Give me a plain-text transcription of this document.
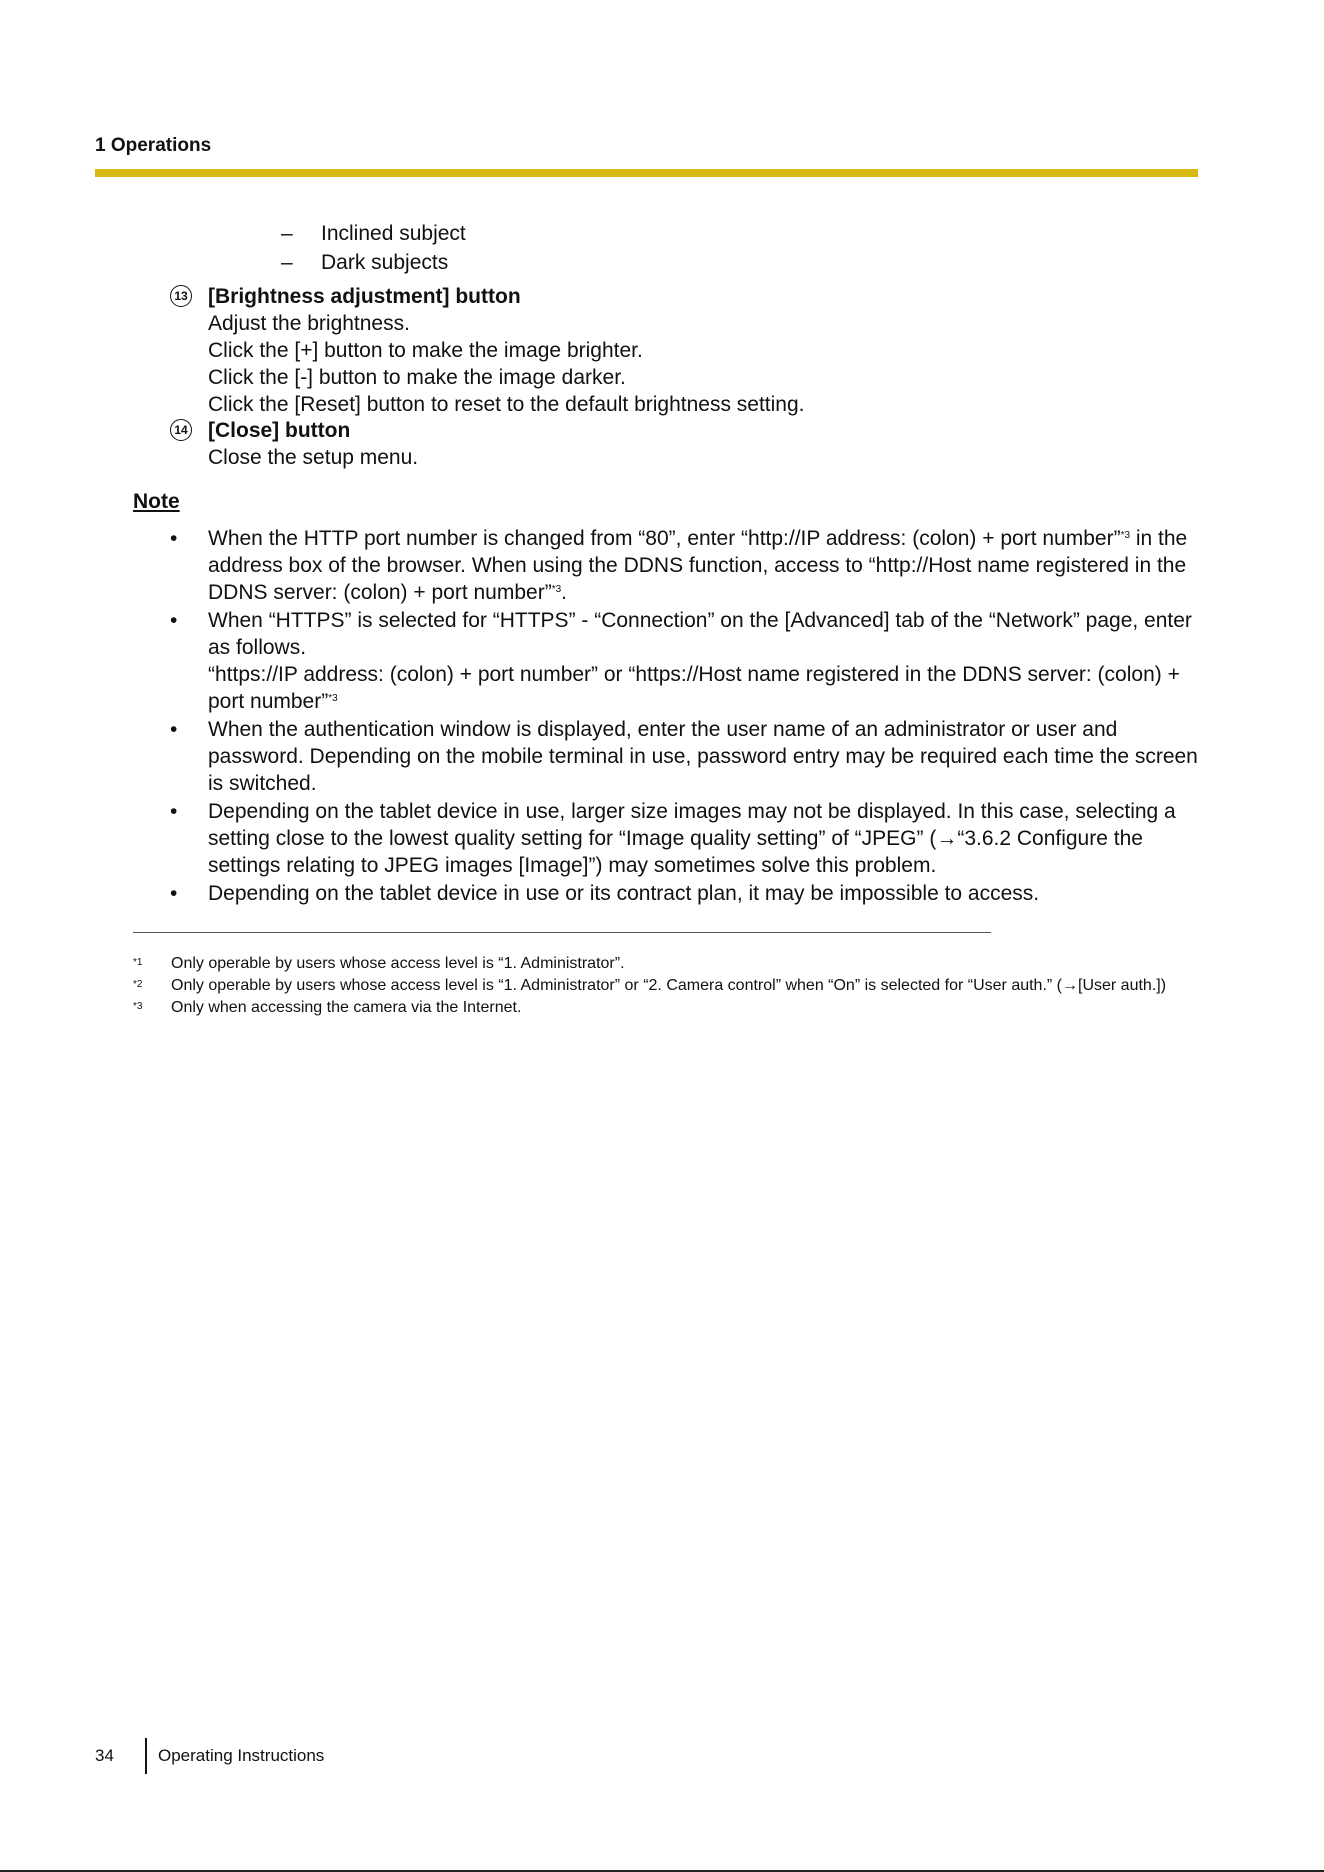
1 Operations
– Inclined subject
– Dark subjects
13 [Brightness adjustment] button
Adjust the brightness.
Click the [+] button to make the image brighter.
Click the [-] button to make the image darker.
Click the [Reset] button to reset to the default brightness setting.
14 [Close] button
Close the setup menu.
Note
• When the HTTP port number is changed from “80”, enter “http://IP address: (colon) + port number”$^{*3}$ in the address box of the browser. When using the DDNS function, access to “http://Host name registered in the DDNS server: (colon) + port number”$^{*3}$.
• When “HTTPS” is selected for “HTTPS” - “Connection” on the [Advanced] tab of the “Network” page, enter as follows.
“https://IP address: (colon) + port number” or “https://Host name registered in the DDNS server: (colon) + port number”$^{*3}$
• When the authentication window is displayed, enter the user name of an administrator or user and password. Depending on the mobile terminal in use, password entry may be required each time the screen is switched.
• Depending on the tablet device in use, larger size images may not be displayed. In this case, selecting a setting close to the lowest quality setting for “Image quality setting” of “JPEG” (→“3.6.2 Configure the settings relating to JPEG images [Image]”) may sometimes solve this problem.
• Depending on the tablet device in use or its contract plan, it may be impossible to access.
*1 Only operable by users whose access level is “1. Administrator”.
*2 Only operable by users whose access level is “1. Administrator” or “2. Camera control” when “On” is selected for “User auth.” (→[User auth.])
*3 Only when accessing the camera via the Internet.
34	Operating Instructions
